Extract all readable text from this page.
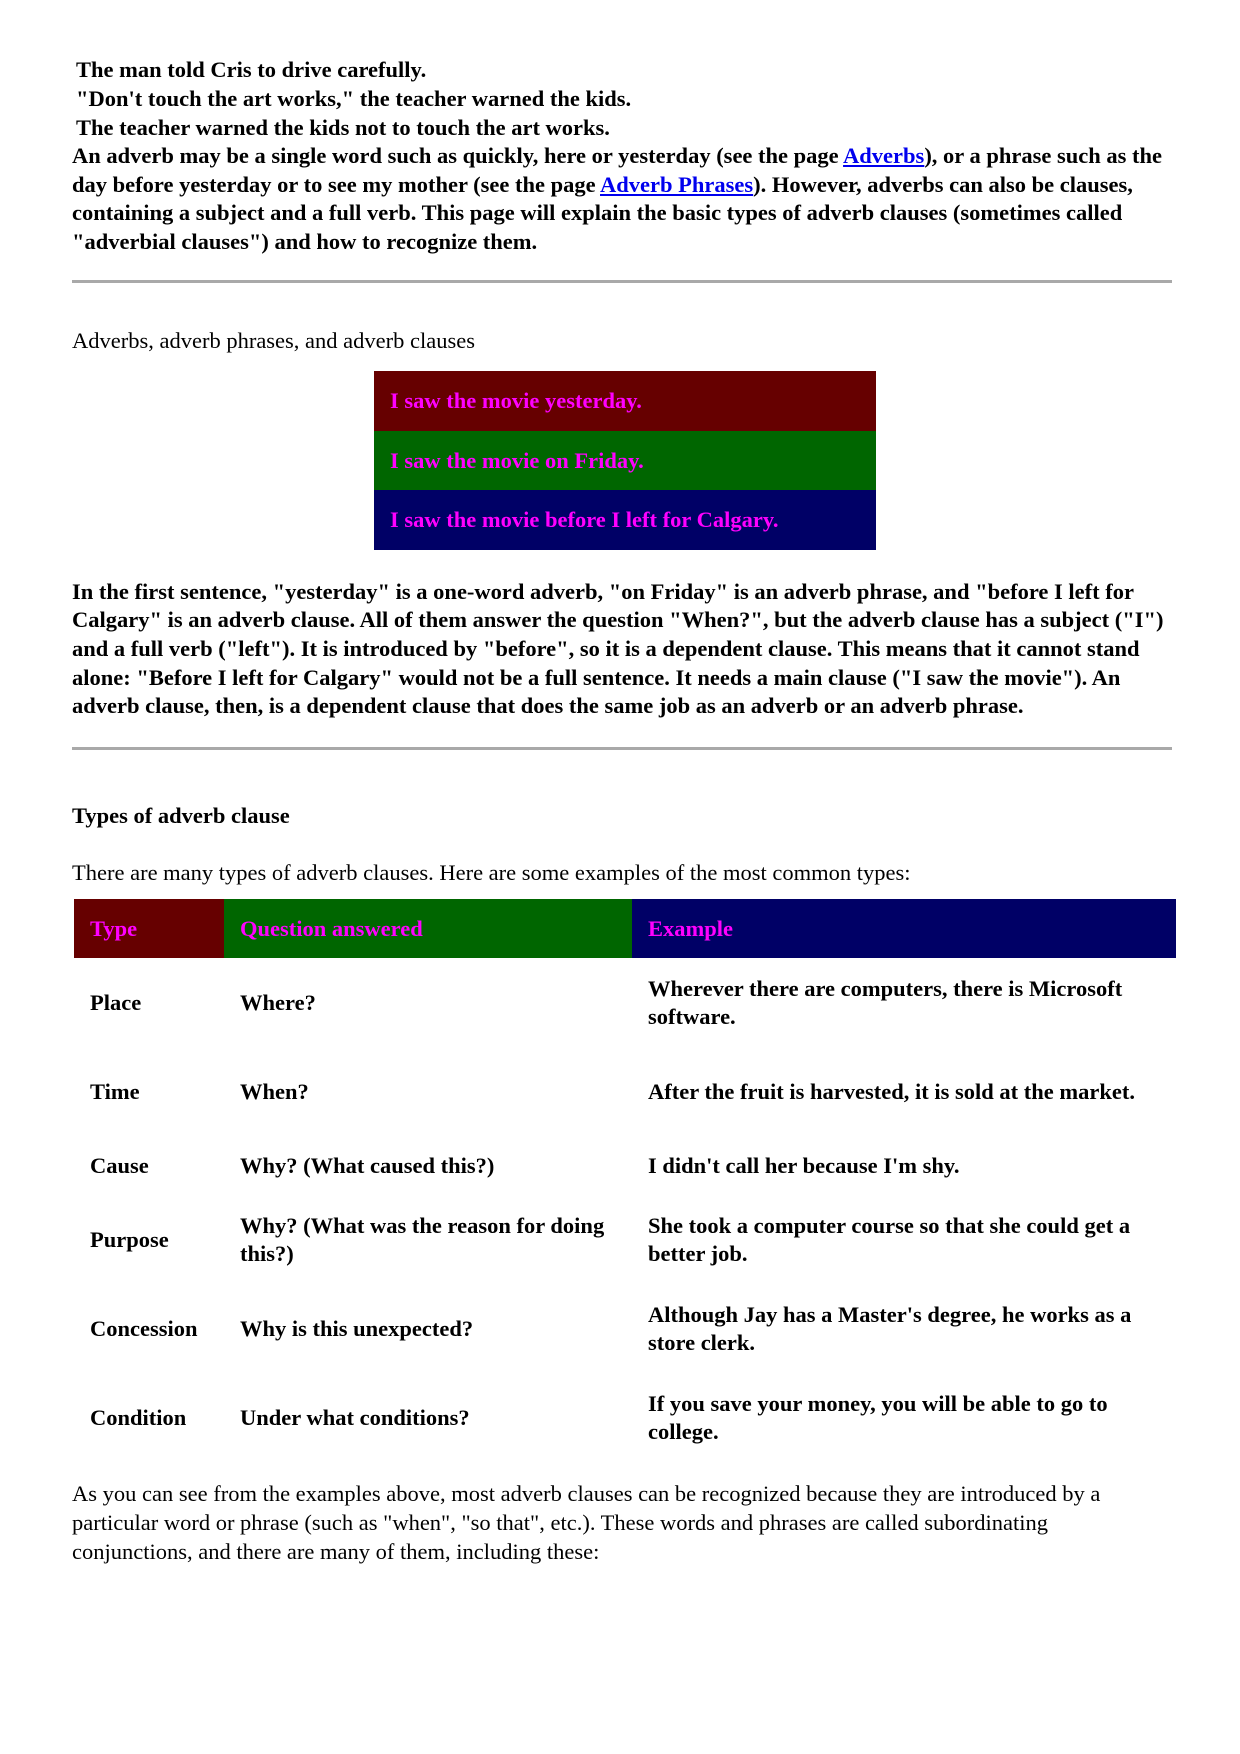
The man told Cris to drive carefully.
"Don't touch the art works," the teacher warned the kids.
The teacher warned the kids not to touch the art works.
An adverb may be a single word such as quickly, here or yesterday (see the page Adverbs), or a phrase such as the day before yesterday or to see my mother (see the page Adverb Phrases). However, adverbs can also be clauses, containing a subject and a full verb. This page will explain the basic types of adverb clauses (sometimes called "adverbial clauses") and how to recognize them.
Adverbs, adverb phrases, and adverb clauses
I saw the movie yesterday.
I saw the movie on Friday.
I saw the movie before I left for Calgary.
In the first sentence, "yesterday" is a one-word adverb, "on Friday" is an adverb phrase, and "before I left for Calgary" is an adverb clause. All of them answer the question "When?", but the adverb clause has a subject ("I") and a full verb ("left"). It is introduced by "before", so it is a dependent clause. This means that it cannot stand alone: "Before I left for Calgary" would not be a full sentence. It needs a main clause ("I saw the movie"). An adverb clause, then, is a dependent clause that does the same job as an adverb or an adverb phrase.
Types of adverb clause
There are many types of adverb clauses. Here are some examples of the most common types:
Type	Question answered	Example
Place	Where?	Wherever there are computers, there is Microsoft software.
Time	When?	After the fruit is harvested, it is sold at the market.
Cause	Why? (What caused this?)	I didn't call her because I'm shy.
Purpose	Why? (What was the reason for doing this?)	She took a computer course so that she could get a better job.
Concession	Why is this unexpected?	Although Jay has a Master's degree, he works as a store clerk.
Condition	Under what conditions?	If you save your money, you will be able to go to college.
As you can see from the examples above, most adverb clauses can be recognized because they are introduced by a particular word or phrase (such as "when", "so that", etc.). These words and phrases are called subordinating conjunctions, and there are many of them, including these:
